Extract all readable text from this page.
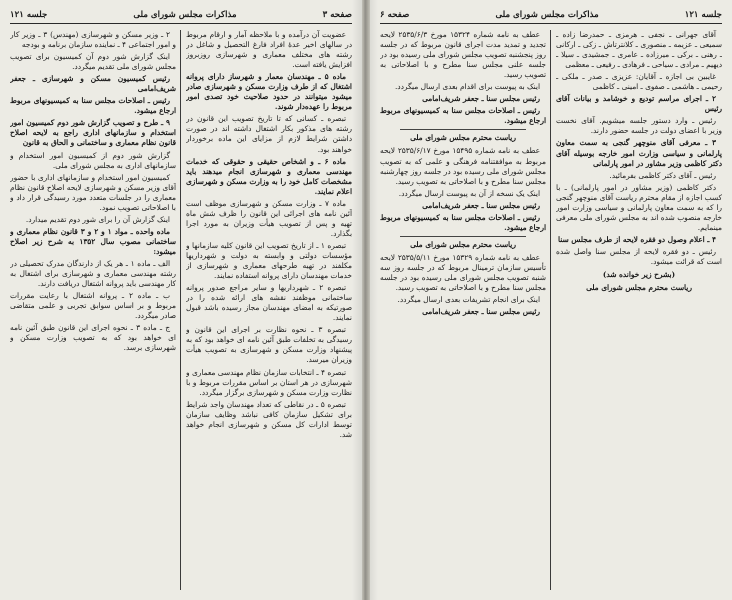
صفحه ۳
مذاکرات مجلس شورای ملی
جلسه ۱۲۱

عضویت آن درآمده و با ملاحظه آمار و ارقام مربوط در سالهای اخیر عدۀ افراد فارغ التحصیل و شاغل در رشته های مختلف معماری و شهرسازی روزبروز افزایش یافته است.

ماده ۵ ـ مهندسان معمار و شهرساز دارای پروانه اشتغال که از طرف وزارت مسکن و شهرسازی صادر میشود میتوانند در حدود صلاحیت خود تصدی امور مربوط را عهده‌دار شوند.

تبصره ـ کسانی که تا تاریخ تصویب این قانون در رشته های مذکور بکار اشتغال داشته اند در صورت داشتن شرایط لازم از مزایای این ماده برخوردار خواهند بود.

ماده ۶ ـ و اشخاص حقیقی و حقوقی که خدمات مهندسی معماری و شهرسازی انجام میدهند باید مشخصات کامل خود را به وزارت مسکن و شهرسازی اعلام نمایند.

ماده ۷ ـ وزارت مسکن و شهرسازی موظف است آئین نامه های اجرائی این قانون را ظرف شش ماه تهیه و پس از تصویب هیأت وزیران به مورد اجرا بگذارد.

تبصره ۱ ـ از تاریخ تصویب این قانون کلیه سازمانها و مؤسسات دولتی و وابسته به دولت و شهرداریها مکلفند در تهیه طرحهای معماری و شهرسازی از خدمات مهندسان دارای پروانه استفاده نمایند.

تبصره ۲ ـ شهرداریها و سایر مراجع صدور پروانه ساختمانی موظفند نقشه های ارائه شده را در صورتیکه به امضای مهندسان مجاز رسیده باشد قبول نمایند.

تبصره ۳ ـ نحوه نظارت بر اجرای این قانون و رسیدگی به تخلفات طبق آئین نامه ای خواهد بود که به پیشنهاد وزارت مسکن و شهرسازی به تصویب هیأت وزیران میرسد.

تبصره ۴ ـ انتخابات سازمان نظام مهندسی معماری و شهرسازی در هر استان بر اساس مقررات مربوط و با نظارت وزارت مسکن و شهرسازی برگزار میگردد.

تبصره ۵ ـ در نقاطی که تعداد مهندسان واجد شرایط برای تشکیل سازمان کافی نباشد وظایف سازمان توسط ادارات کل مسکن و شهرسازی انجام خواهد شد.

۲ ـ وزیر مسکن و شهرسازی (مهندس) ۳ ـ وزیر کار و امور اجتماعی ۴ ـ نماینده سازمان برنامه و بودجه

اینک گزارش شور دوم آن کمیسیون برای تصویب مجلس شورای ملی تقدیم میگردد.

رئیس کمیسیون مسکن و شهرسازی ـ جعفر شریف‌امامی

رئیس ـ اصلاحات مجلس سنا به کمیسیونهای مربوط ارجاع میشود.

۹ ـ طرح و تصویب گزارش شور دوم کمیسیون امور استخدام و سازمانهای اداری راجع به لایحه اصلاح قانون نظام معماری و ساختمانی و الحاق به قانون

گزارش شور دوم از کمیسیون امور استخدام و سازمانهای اداری به مجلس شورای ملی.

کمیسیون امور استخدام و سازمانهای اداری با حضور آقای وزیر مسکن و شهرسازی لایحه اصلاح قانون نظام معماری را در جلسات متعدد مورد رسیدگی قرار داد و با اصلاحاتی تصویب نمود.

اینک گزارش آن را برای شور دوم تقدیم میدارد.

ماده واحده ـ مواد ۱ و ۲ و ۳ قانون نظام معماری و ساختمانی مصوب سال ۱۳۵۲ به شرح زیر اصلاح میشود:

الف ـ ماده ۱ ـ هر یک از دارندگان مدرک تحصیلی در رشته مهندسی معماری و شهرسازی برای اشتغال به کار مهندسی باید پروانه اشتغال دریافت دارند.

ب ـ ماده ۲ ـ پروانه اشتغال با رعایت مقررات مربوط و بر اساس سوابق تجربی و علمی متقاضی صادر میگردد.

ج ـ ماده ۳ ـ نحوه اجرای این قانون طبق آئین نامه ای خواهد بود که به تصویب وزارت مسکن و شهرسازی برسد.

جلسه ۱۲۱
مذاکرات مجلس شورای ملی
صفحه ۶

آقای جهرانی ـ نجفی ـ هرمزی ـ حمدرضا زاده ـ سمیعی ـ عزیمه ـ منصوری ـ کلانترتاش ـ زکی ـ ارکانی ـ رهنی ـ برکی ـ میرزاده ـ عامری ـ جمشیدی ـ سیلا ـ دیهیم ـ مرادی ـ سیاحی ـ فرهادی ـ رفیعی ـ معظمی

غایبین بی اجازه ـ آقایان: عزیزی ـ صدر ـ ملکی ـ رحیمی ـ هاشمی ـ صفوی ـ امینی ـ کاظمی

۲ ـ اجرای مراسم تودیع و خوشامد و بیانات آقای رئیس

رئیس ـ وارد دستور جلسه میشویم. آقای نخست وزیر با اعضای دولت در جلسه حضور دارند.

۳ ـ معرفی آقای منوچهر گنجی به سمت معاون پارلمانی و سیاسی وزارت امور خارجه بوسیله آقای دکتر کاظمی وزیر مشاور در امور پارلمانی

رئیس ـ آقای دکتر کاظمی بفرمائید.

دکتر کاظمی (وزیر مشاور در امور پارلمانی) ـ با کسب اجازه از مقام محترم ریاست آقای منوچهر گنجی را که به سمت معاون پارلمانی و سیاسی وزارت امور خارجه منصوب شده اند به مجلس شورای ملی معرفی مینمایم.

۴ ـ اعلام وصول دو فقره لایحه از طرف مجلس سنا

رئیس ـ دو فقره لایحه از مجلس سنا واصل شده است که قرائت میشود.

(بشرح زیر خوانده شد)

ریاست محترم مجلس شورای ملی

عطف به نامه شماره ۱۵۳۲۴ مورخ ۲۵۳۵/۶/۳ لایحه تجدید و تمدید مدت اجرای قانون مربوط که در جلسه روز پنجشنبه تصویب مجلس شورای ملی رسیده بود در جلسه علنی مجلس سنا مطرح و با اصلاحاتی به تصویب رسید.

اینک به پیوست برای اقدام بعدی ارسال میگردد.

رئیس مجلس سنا ـ جعفر شریف‌امامی

رئیس ـ اصلاحات مجلس سنا به کمیسیونهای مربوط ارجاع میشود.

ریاست محترم مجلس شورای ملی

عطف به نامه شماره ۱۵۴۹۵ مورخ ۲۵۳۵/۶/۱۷ لایحه مربوط به موافقتنامه فرهنگی و علمی که به تصویب مجلس شورای ملی رسیده بود در جلسه روز چهارشنبه مجلس سنا مطرح و با اصلاحاتی به تصویب رسید.

اینک یک نسخه از آن به پیوست ارسال میگردد.

رئیس مجلس سنا ـ جعفر شریف‌امامی

رئیس ـ اصلاحات مجلس سنا به کمیسیونهای مربوط ارجاع میشود.

ریاست محترم مجلس شورای ملی

عطف به نامه شماره ۱۵۳۲۹ مورخ ۲۵۳۵/۵/۱۱ لایحه تأسیس سازمان ترمینال مربوط که در جلسه روز سه شنبه تصویب مجلس شورای ملی رسیده بود در جلسه مجلس سنا مطرح و با اصلاحاتی به تصویب رسید.

اینک برای انجام تشریفات بعدی ارسال میگردد.

رئیس مجلس سنا ـ جعفر شریف‌امامی
